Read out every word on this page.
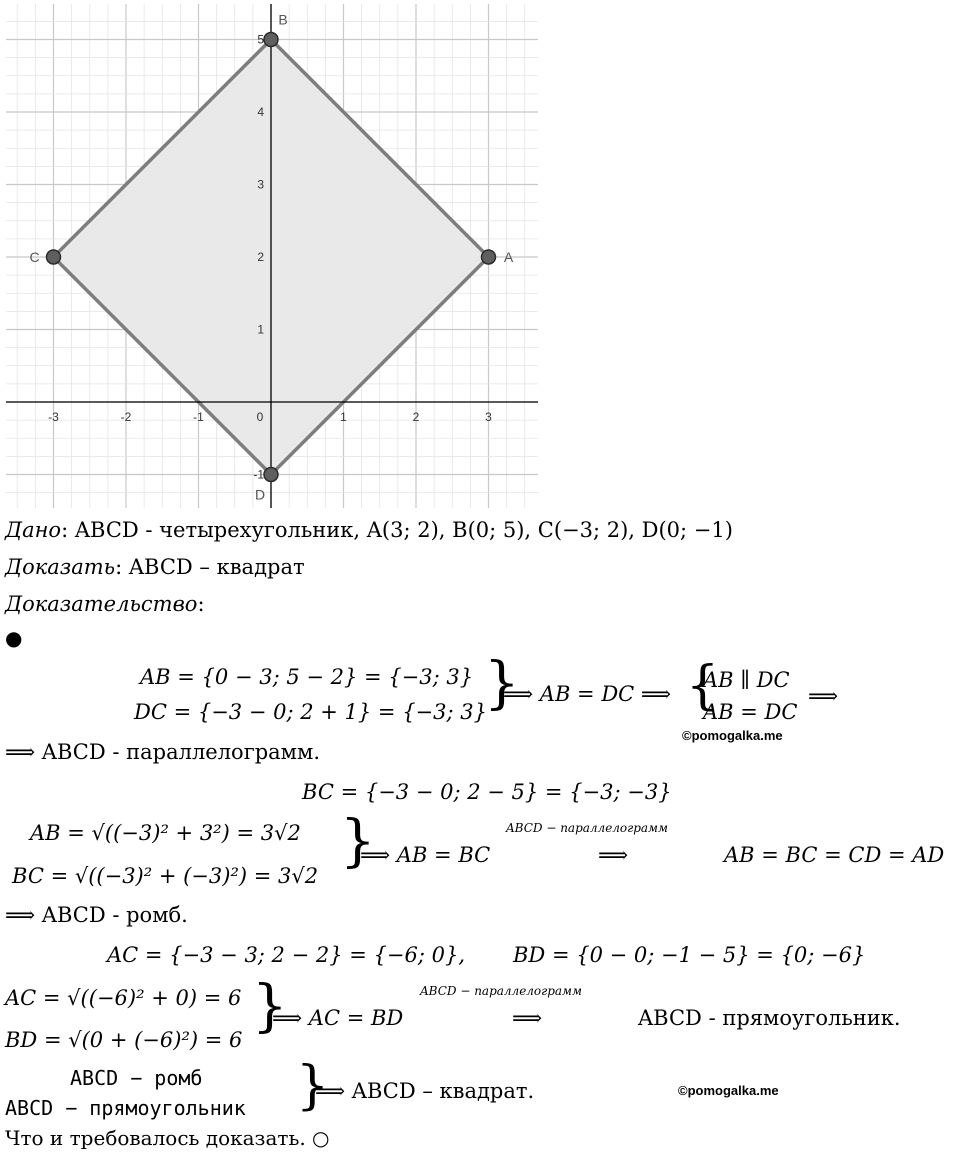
-3	-2	-1	0	1	2	3
1
2
3
4
5
-1
A
B
C
D
Дано: ABCD - четырехугольник, A(3; 2), B(0; 5), C(−3; 2), D(0; −1)
Доказать: ABCD – квадрат
Доказательство:
●
AB = {0 − 3; 5 − 2} = {−3; 3}
DC = {−3 − 0; 2 + 1} = {−3; 3}
}
⟹ AB = DC ⟹ {
AB ∥ DC
AB = DC
⟹
©pomogalka.me
⟹ ABCD - параллелограмм.
BC = {−3 − 0; 2 − 5} = {−3; −3}
AB = √((−3)² + 3²) = 3√2
BC = √((−3)² + (−3)²) = 3√2
}
⟹ AB = BC
ABCD − параллелограмм
⟹	AB = BC = CD = AD
⟹ ABCD - ромб.
AC = {−3 − 3; 2 − 2} = {−6; 0}, BD = {0 − 0; −1 − 5} = {0; −6}
AC = √((−6)² + 0) = 6
BD = √(0 + (−6)²) = 6
}
⟹ AC = BD
ABCD − параллелограмм
⟹	ABCD - прямоугольник.
ABCD − ромб
ABCD − прямоугольник }
⟹ ABCD – квадрат.	©pomogalka.me
Что и требовалось доказать. ○
